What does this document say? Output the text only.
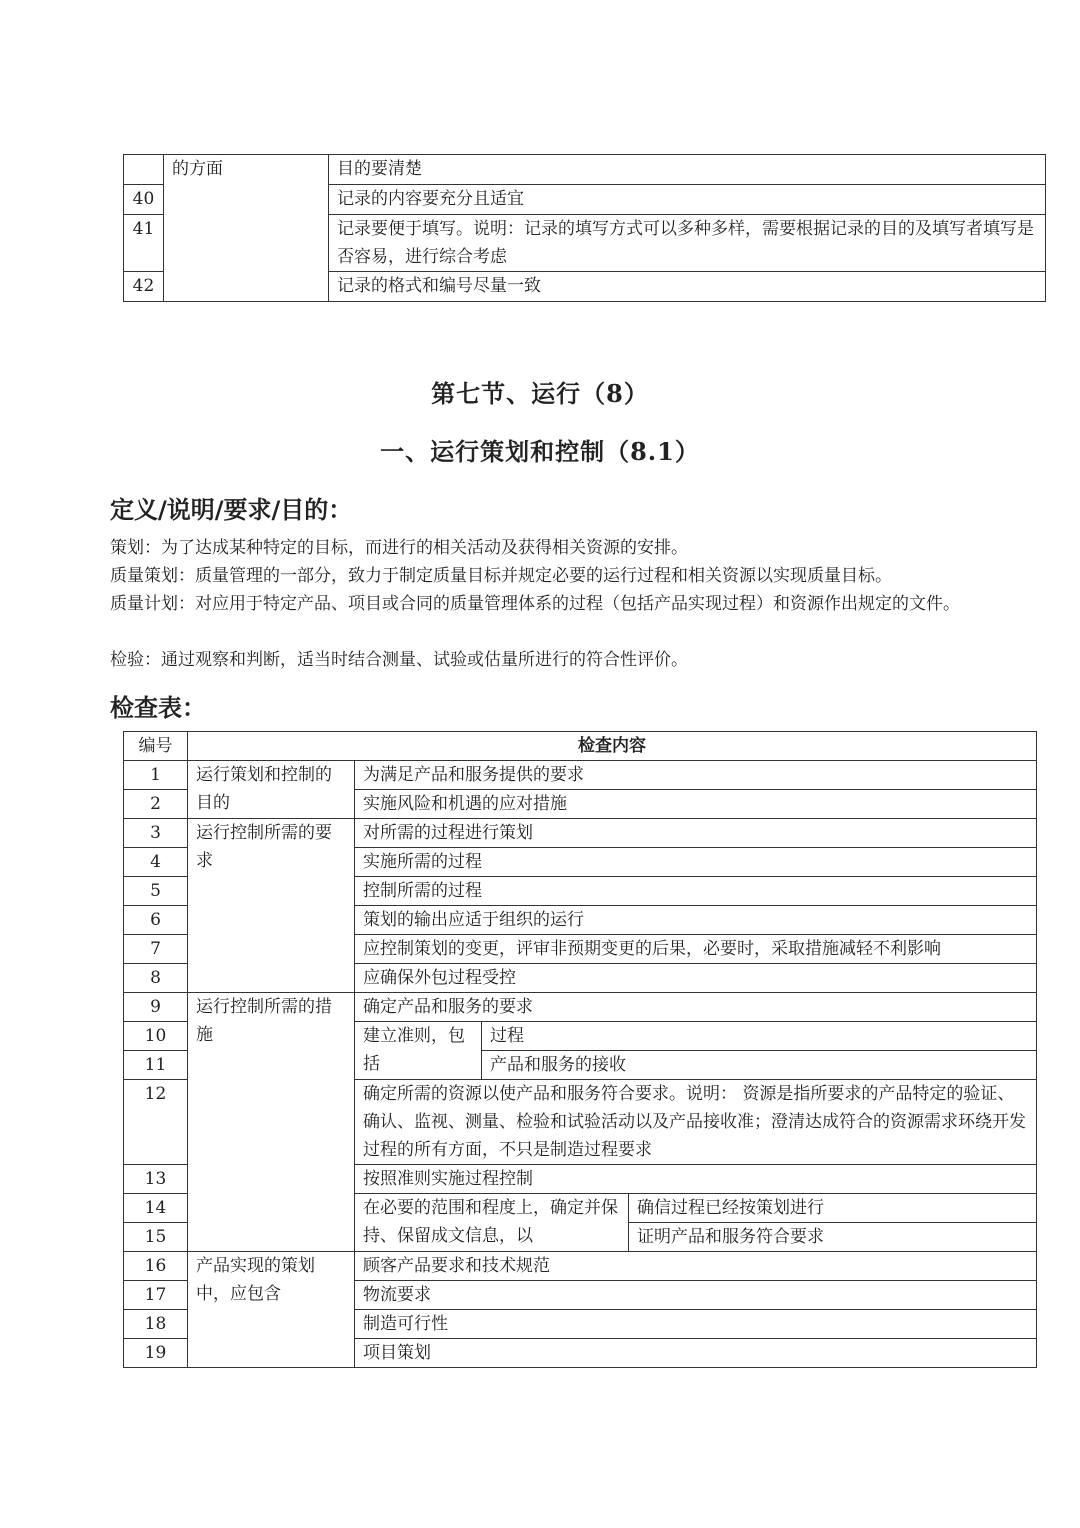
	的方面	目的要清楚
40		记录的内容要充分且适宜
41		记录要便于填写。说明：记录的填写方式可以多种多样，需要根据记录的目的及填写者填写是否容易，进行综合考虑
42		记录的格式和编号尽量一致
第七节、运行（8）
一、运行策划和控制（8.1）
定义/说明/要求/目的：
策划：为了达成某种特定的目标，而进行的相关活动及获得相关资源的安排。
质量策划：质量管理的一部分，致力于制定质量目标并规定必要的运行过程和相关资源以实现质量目标。
质量计划：对应用于特定产品、项目或合同的质量管理体系的过程（包括产品实现过程）和资源作出规定的文件。
检验：通过观察和判断，适当时结合测量、试验或估量所进行的符合性评价。
检查表：
编号	检查内容			
1	运行策划和控制的目的	为满足产品和服务提供的要求		
2		实施风险和机遇的应对措施		
3	运行控制所需的要求	对所需的过程进行策划		
4		实施所需的过程		
5		控制所需的过程		
6		策划的输出应适于组织的运行		
7		应控制策划的变更，评审非预期变更的后果，必要时，采取措施减轻不利影响		
8		应确保外包过程受控		
9	运行控制所需的措施	确定产品和服务的要求		
10		建立准则，包括	过程	
11			产品和服务的接收	
12		确定所需的资源以使产品和服务符合要求。说明： 资源是指所要求的产品特定的验证、确认、监视、测量、检验和试验活动以及产品接收准；澄清达成符合的资源需求环绕开发过程的所有方面，不只是制造过程要求		
13		按照准则实施过程控制		
14		在必要的范围和程度上，确定并保持、保留成文信息，以		确信过程已经按策划进行
15				证明产品和服务符合要求
16	产品实现的策划中，应包含	顾客产品要求和技术规范		
17		物流要求		
18		制造可行性		
19		项目策划		
